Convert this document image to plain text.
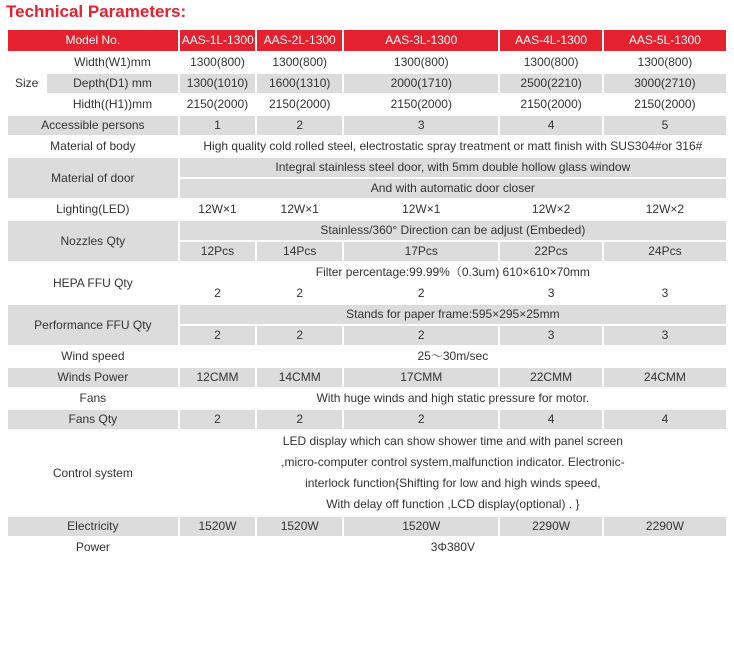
Technical Parameters:
Model No.		AAS-1L-1300	AAS-2L-1300	AAS-3L-1300	AAS-4L-1300	AAS-5L-1300
Size	Width(W1)mm	1300(800)	1300(800)	1300(800)	1300(800)	1300(800)
	Depth(D1) mm	1300(1010)	1600(1310)	2000(1710)	2500(2210)	3000(2710)
	Hidth((H1))mm	2150(2000)	2150(2000)	2150(2000)	2150(2000)	2150(2000)
Accessible persons		1	2	3	4	5
Material of body		High quality cold rolled steel, electrostatic spray treatment or matt finish with SUS304#or 316#				
Material of door		Integral stainless steel door, with 5mm double hollow glass window				
		And with automatic door closer				
Lighting(LED)		12W×1	12W×1	12W×1	12W×2	12W×2
Nozzles Qty		Stainless/360° Direction can be adjust (Embeded)				
		12Pcs	14Pcs	17Pcs	22Pcs	24Pcs
HEPA FFU Qty		Filter percentage:99.99%（0.3um) 610×610×70mm				
		2	2	2	3	3
Performance FFU Qty		Stands for paper frame:595×295×25mm				
		2	2	2	3	3
Wind speed		25～30m/sec				
Winds Power		12CMM	14CMM	17CMM	22CMM	24CMM
Fans		With huge winds and high static pressure for motor.				
Fans Qty		2	2	2	4	4
Control system		LED display which can show shower time and with panel screen
,micro-computer control system,malfunction indicator. Electronic-
interlock function{Shifting for low and high winds speed,
With delay off function ,LCD display(optional) . }				

Electricity		1520W	1520W	1520W	2290W	2290W
Power		3Φ380V				
